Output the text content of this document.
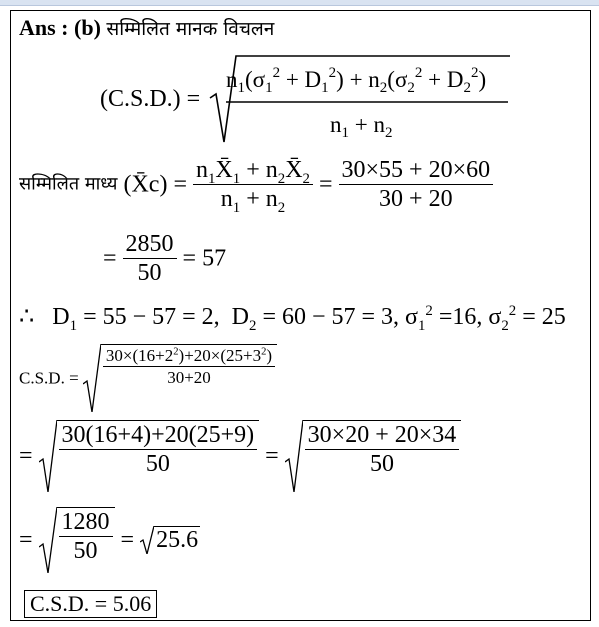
Ans : (b) सम्मिलित मानक विचलन
(C.S.D.) =
$n_1(\sigma_1^2 + D_1^2) + n_2(\sigma_2^2 + D_2^2)$
$n_1 + n_2$
सम्मिलित माध्य (X̄c) = $\frac{n_1X̄_1 + n_2X̄_2}{n_1 + n_2} = \frac{30\times 55 + 20\times 60}{30 + 20}$
= $\frac{2850}{50} = 57$
∴   $D_1 = 55 - 57 = 2$,  $D_2 = 60 - 57 = 3$, $\sigma_1^2 =16$, $\sigma_2^2 = 25$
C.S.D. = $\frac{30\times(16+2^2)+20\times(25+3^2)}{30+20}$
= $\frac{30(16+4)+20(25+9)}{50} = \frac{30\times 20 + 20\times 34}{50}$
= $\frac{1280}{50} = 25.6$
C.S.D. = 5.06
